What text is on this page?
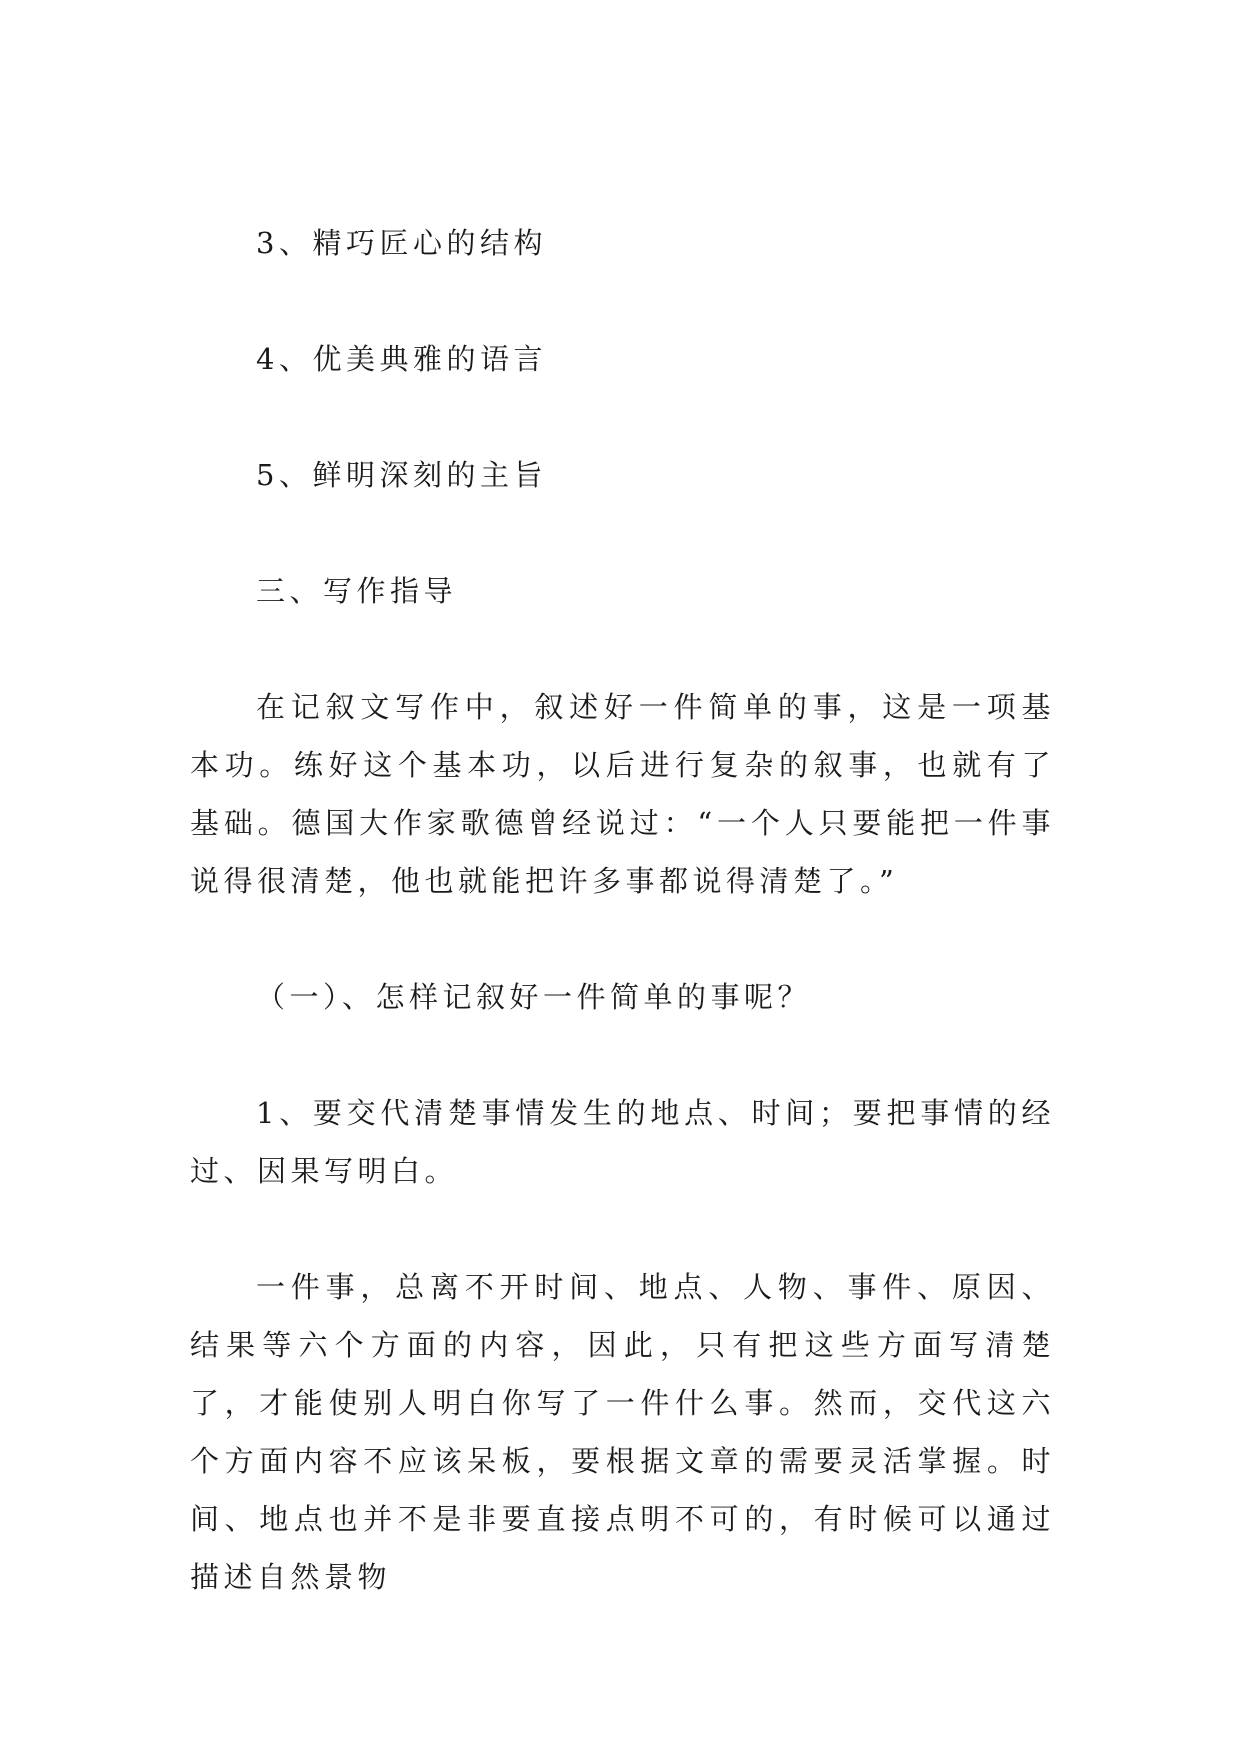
3、精巧匠心的结构

4、优美典雅的语言

5、鲜明深刻的主旨

三、写作指导

在记叙文写作中，叙述好一件简单的事，这是一项基本功。练好这个基本功，以后进行复杂的叙事，也就有了基础。德国大作家歌德曾经说过：“一个人只要能把一件事说得很清楚，他也就能把许多事都说得清楚了。”

（一）、怎样记叙好一件简单的事呢？

1、要交代清楚事情发生的地点、时间；要把事情的经过、因果写明白。

一件事，总离不开时间、地点、人物、事件、原因、结果等六个方面的内容，因此，只有把这些方面写清楚了，才能使别人明白你写了一件什么事。然而，交代这六个方面内容不应该呆板，要根据文章的需要灵活掌握。时间、地点也并不是非要直接点明不可的，有时候可以通过描述自然景物
